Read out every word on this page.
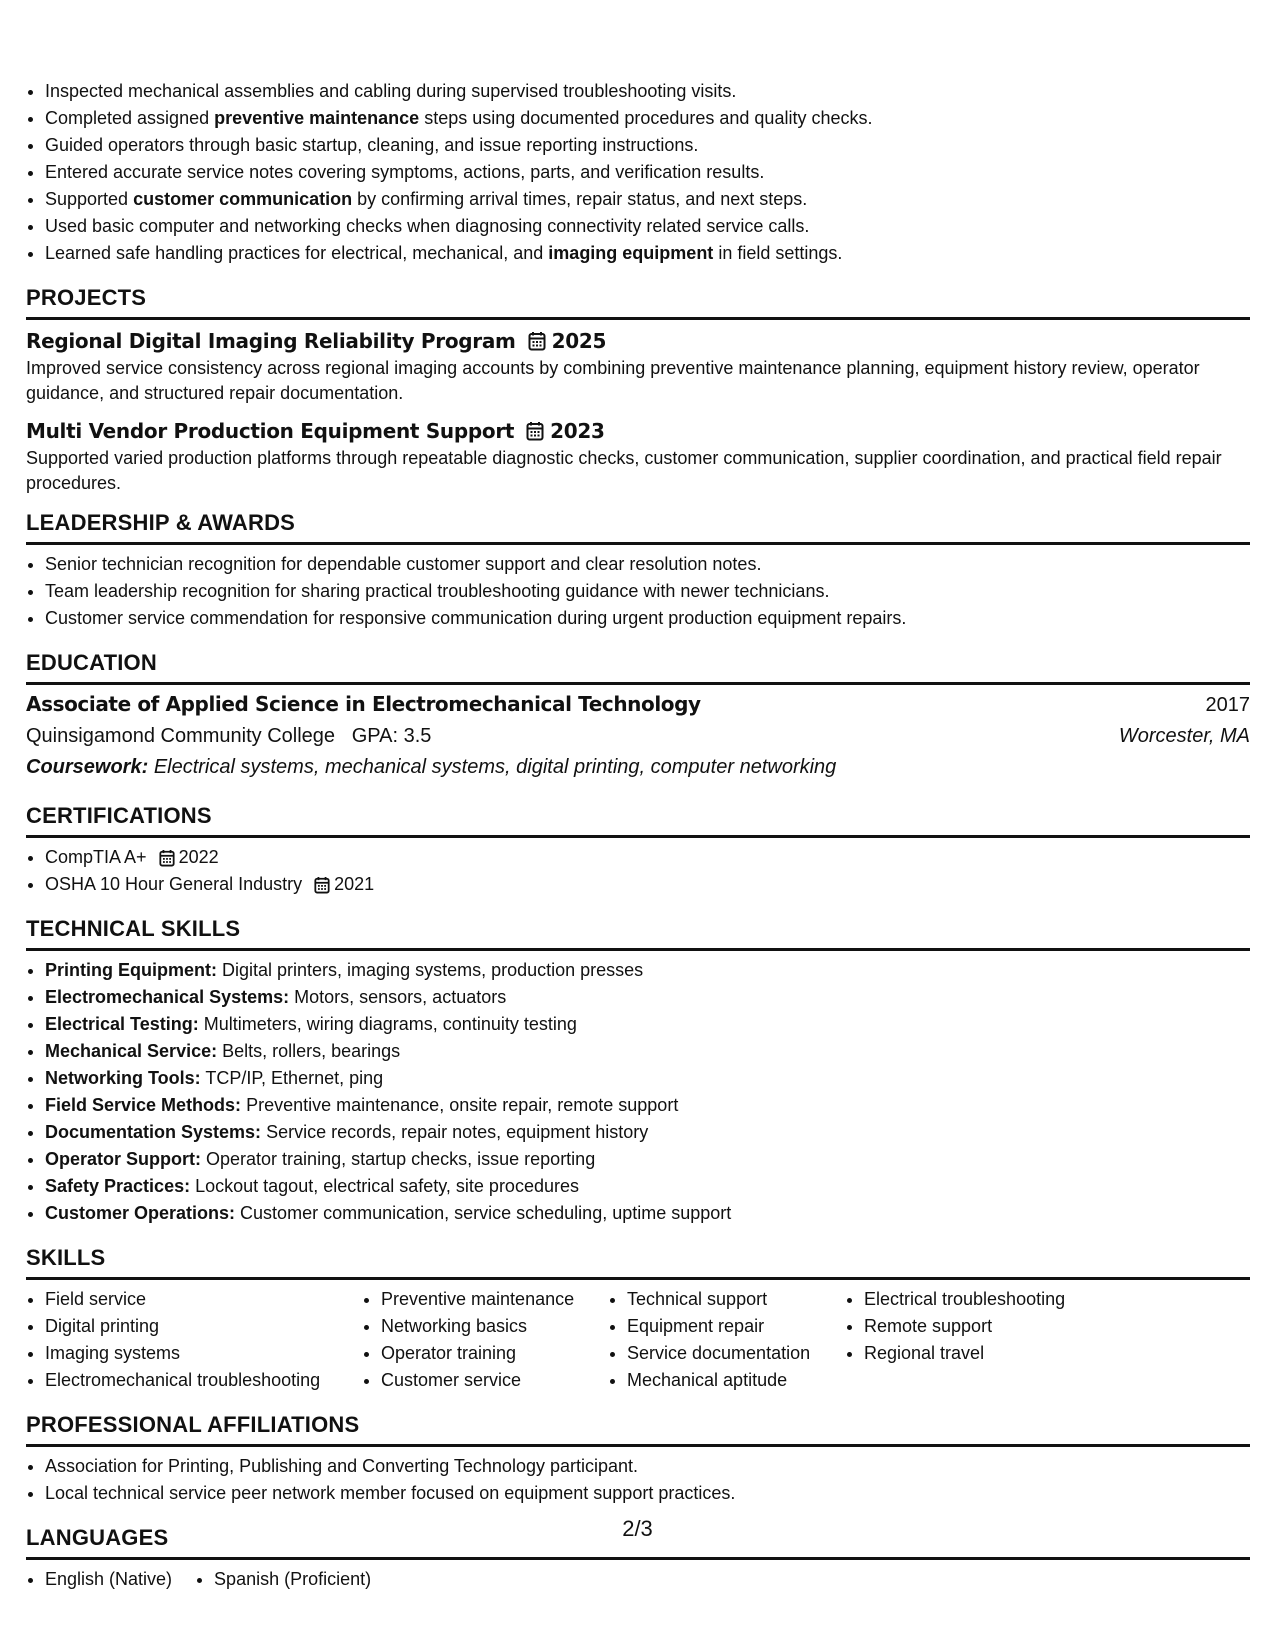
• Inspected mechanical assemblies and cabling during supervised troubleshooting visits.
• Completed assigned preventive maintenance steps using documented procedures and quality checks.
• Guided operators through basic startup, cleaning, and issue reporting instructions.
• Entered accurate service notes covering symptoms, actions, parts, and verification results.
• Supported customer communication by confirming arrival times, repair status, and next steps.
• Used basic computer and networking checks when diagnosing connectivity related service calls.
• Learned safe handling practices for electrical, mechanical, and imaging equipment in field settings.
PROJECTS
Regional Digital Imaging Reliability Program 2025
Improved service consistency across regional imaging accounts by combining preventive maintenance planning, equipment history review, operator guidance, and structured repair documentation.
Multi Vendor Production Equipment Support 2023
Supported varied production platforms through repeatable diagnostic checks, customer communication, supplier coordination, and practical field repair procedures.
LEADERSHIP & AWARDS
• Senior technician recognition for dependable customer support and clear resolution notes.
• Team leadership recognition for sharing practical troubleshooting guidance with newer technicians.
• Customer service commendation for responsive communication during urgent production equipment repairs.
EDUCATION
Associate of Applied Science in Electromechanical Technology	2017
Quinsigamond Community College GPA: 3.5	Worcester, MA
Coursework: Electrical systems, mechanical systems, digital printing, computer networking
CERTIFICATIONS
• CompTIA A+ 2022
• OSHA 10 Hour General Industry 2021
TECHNICAL SKILLS
• Printing Equipment: Digital printers, imaging systems, production presses
• Electromechanical Systems: Motors, sensors, actuators
• Electrical Testing: Multimeters, wiring diagrams, continuity testing
• Mechanical Service: Belts, rollers, bearings
• Networking Tools: TCP/IP, Ethernet, ping
• Field Service Methods: Preventive maintenance, onsite repair, remote support
• Documentation Systems: Service records, repair notes, equipment history
• Operator Support: Operator training, startup checks, issue reporting
• Safety Practices: Lockout tagout, electrical safety, site procedures
• Customer Operations: Customer communication, service scheduling, uptime support
SKILLS
• Field service
• Digital printing
• Imaging systems
• Electromechanical troubleshooting
• Preventive maintenance
• Networking basics
• Operator training
• Customer service
• Technical support
• Equipment repair
• Service documentation
• Mechanical aptitude
• Electrical troubleshooting
• Remote support
• Regional travel
PROFESSIONAL AFFILIATIONS
• Association for Printing, Publishing and Converting Technology participant.
• Local technical service peer network member focused on equipment support practices.
LANGUAGES
• English (Native)
• Spanish (Proficient)
2/3
